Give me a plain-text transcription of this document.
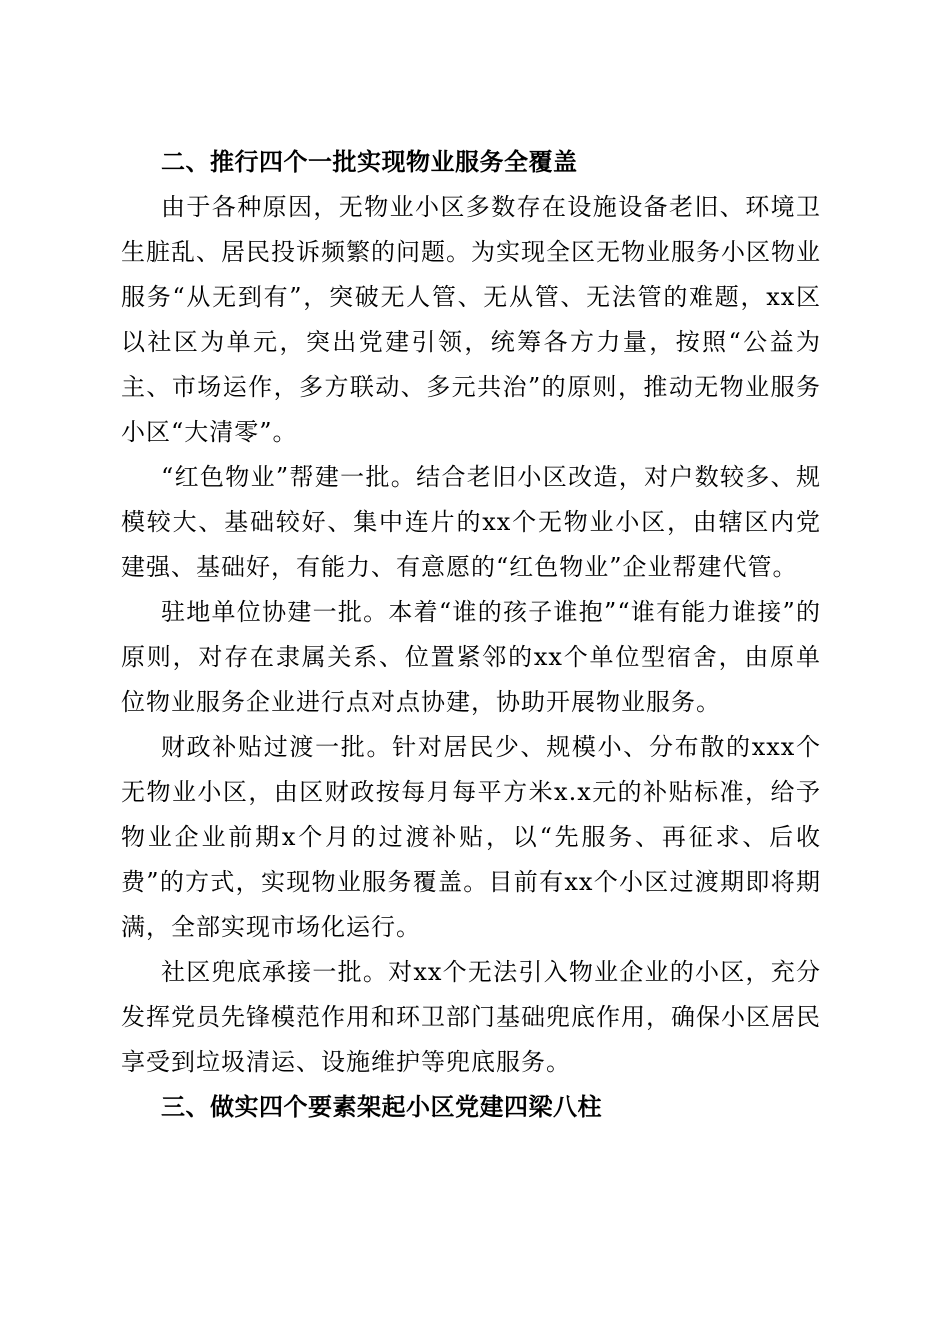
二、推行四个一批实现物业服务全覆盖

由于各种原因，无物业小区多数存在设施设备老旧、环境卫生脏乱、居民投诉频繁的问题。为实现全区无物业服务小区物业服务“从无到有”，突破无人管、无从管、无法管的难题，xx区以社区为单元，突出党建引领，统筹各方力量，按照“公益为主、市场运作，多方联动、多元共治”的原则，推动无物业服务小区“大清零”。

“红色物业”帮建一批。结合老旧小区改造，对户数较多、规模较大、基础较好、集中连片的xx个无物业小区，由辖区内党建强、基础好，有能力、有意愿的“红色物业”企业帮建代管。

驻地单位协建一批。本着“谁的孩子谁抱”“谁有能力谁接”的原则，对存在隶属关系、位置紧邻的xx个单位型宿舍，由原单位物业服务企业进行点对点协建，协助开展物业服务。

财政补贴过渡一批。针对居民少、规模小、分布散的xxx个无物业小区，由区财政按每月每平方米x.x元的补贴标准，给予物业企业前期x个月的过渡补贴，以“先服务、再征求、后收费”的方式，实现物业服务覆盖。目前有xx个小区过渡期即将期满，全部实现市场化运行。

社区兜底承接一批。对xx个无法引入物业企业的小区，充分发挥党员先锋模范作用和环卫部门基础兜底作用，确保小区居民享受到垃圾清运、设施维护等兜底服务。

三、做实四个要素架起小区党建四梁八柱
